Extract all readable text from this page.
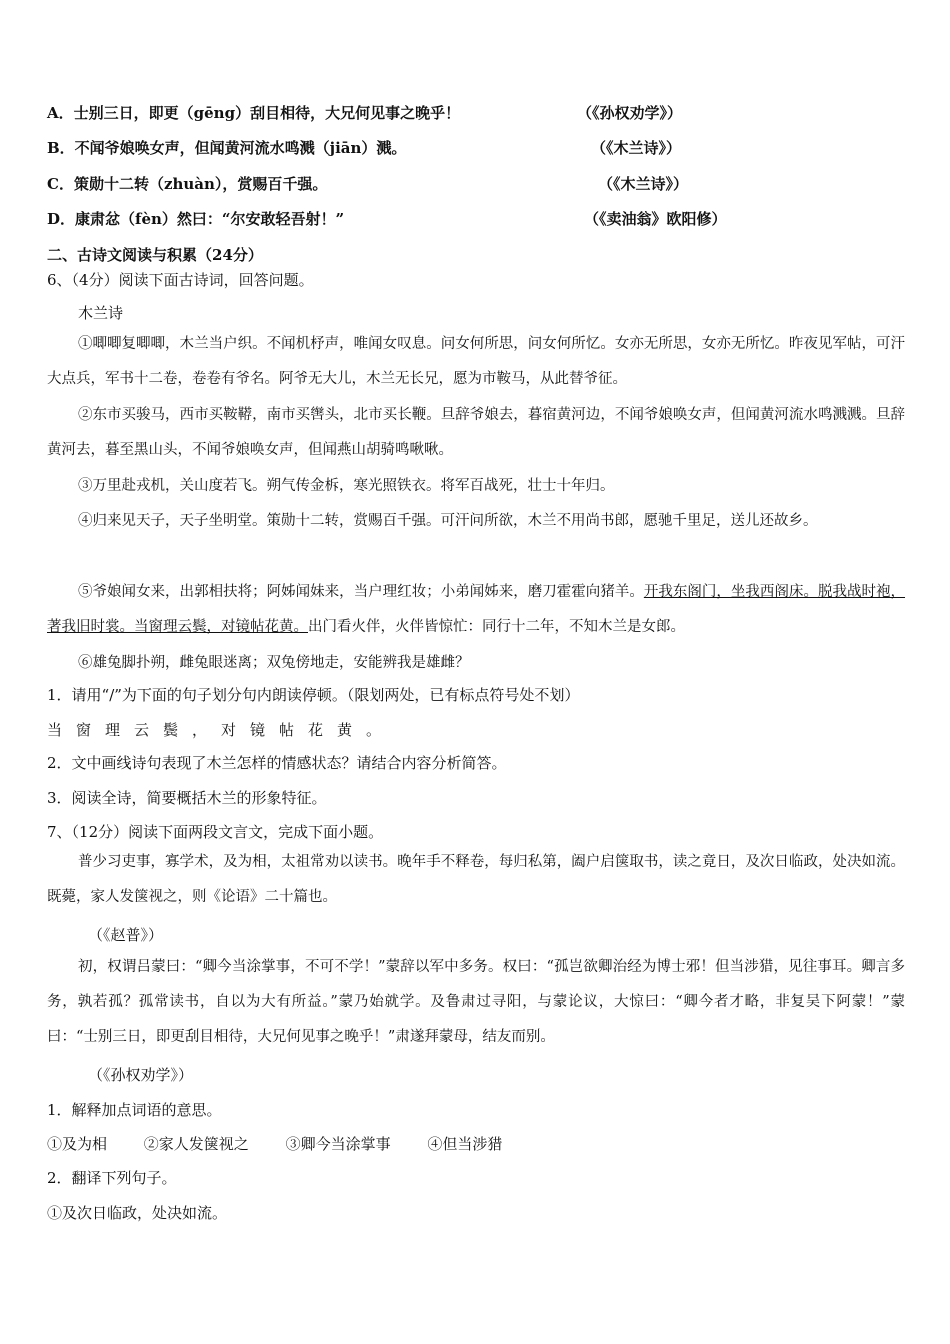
A．士别三日，即更（gēng）刮目相待，大兄何见事之晚乎！	（《孙权劝学》）
B．不闻爷娘唤女声，但闻黄河流水鸣溅（jiān）溅。	（《木兰诗》）
C．策勋十二转（zhuàn），赏赐百千强。	（《木兰诗》）
D．康肃忿（fèn）然曰：“尔安敢轻吾射！”	（《卖油翁》欧阳修）
二、古诗文阅读与积累（24分）
6、（4分）阅读下面古诗词，回答问题。
木兰诗
①唧唧复唧唧，木兰当户织。不闻机杼声，唯闻女叹息。问女何所思，问女何所忆。女亦无所思，女亦无所忆。昨夜见军帖，可汗大点兵，军书十二卷，卷卷有爷名。阿爷无大儿，木兰无长兄，愿为市鞍马，从此替爷征。
②东市买骏马，西市买鞍鞯，南市买辔头，北市买长鞭。旦辞爷娘去，暮宿黄河边，不闻爷娘唤女声，但闻黄河流水鸣溅溅。旦辞黄河去，暮至黑山头，不闻爷娘唤女声，但闻燕山胡骑鸣啾啾。
③万里赴戎机，关山度若飞。朔气传金柝，寒光照铁衣。将军百战死，壮士十年归。
④归来见天子，天子坐明堂。策勋十二转，赏赐百千强。可汗问所欲，木兰不用尚书郎，愿驰千里足，送儿还故乡。
⑤爷娘闻女来，出郭相扶将；阿姊闻妹来，当户理红妆；小弟闻姊来，磨刀霍霍向猪羊。开我东阁门，坐我西阁床。脱我战时袍，著我旧时裳。当窗理云鬓，对镜帖花黄。出门看火伴，火伴皆惊忙：同行十二年，不知木兰是女郎。
⑥雄兔脚扑朔，雌兔眼迷离；双兔傍地走，安能辨我是雄雌？
1．请用“/”为下面的句子划分句内朗读停顿。（限划两处，已有标点符号处不划）
当窗理云鬓，对镜帖花黄。
2．文中画线诗句表现了木兰怎样的情感状态？请结合内容分析简答。
3．阅读全诗，简要概括木兰的形象特征。
7、（12分）阅读下面两段文言文，完成下面小题。
普少习吏事，寡学术，及为相，太祖常劝以读书。晚年手不释卷，每归私第，阖户启箧取书，读之竟日，及次日临政，处决如流。既薨，家人发箧视之，则《论语》二十篇也。
（《赵普》）
初，权谓吕蒙曰：“卿今当涂掌事，不可不学！”蒙辞以军中多务。权曰：“孤岂欲卿治经为博士邪！但当涉猎，见往事耳。卿言多务，孰若孤？孤常读书，自以为大有所益。”蒙乃始就学。及鲁肃过寻阳，与蒙论议，大惊曰：“卿今者才略，非复吴下阿蒙！”蒙曰：“士别三日，即更刮目相待，大兄何见事之晚乎！”肃遂拜蒙母，结友而别。
（《孙权劝学》）
1．解释加点词语的意思。
①及为相 ②家人发箧视之 ③卿今当涂掌事 ④但当涉猎
2．翻译下列句子。
①及次日临政，处决如流。
